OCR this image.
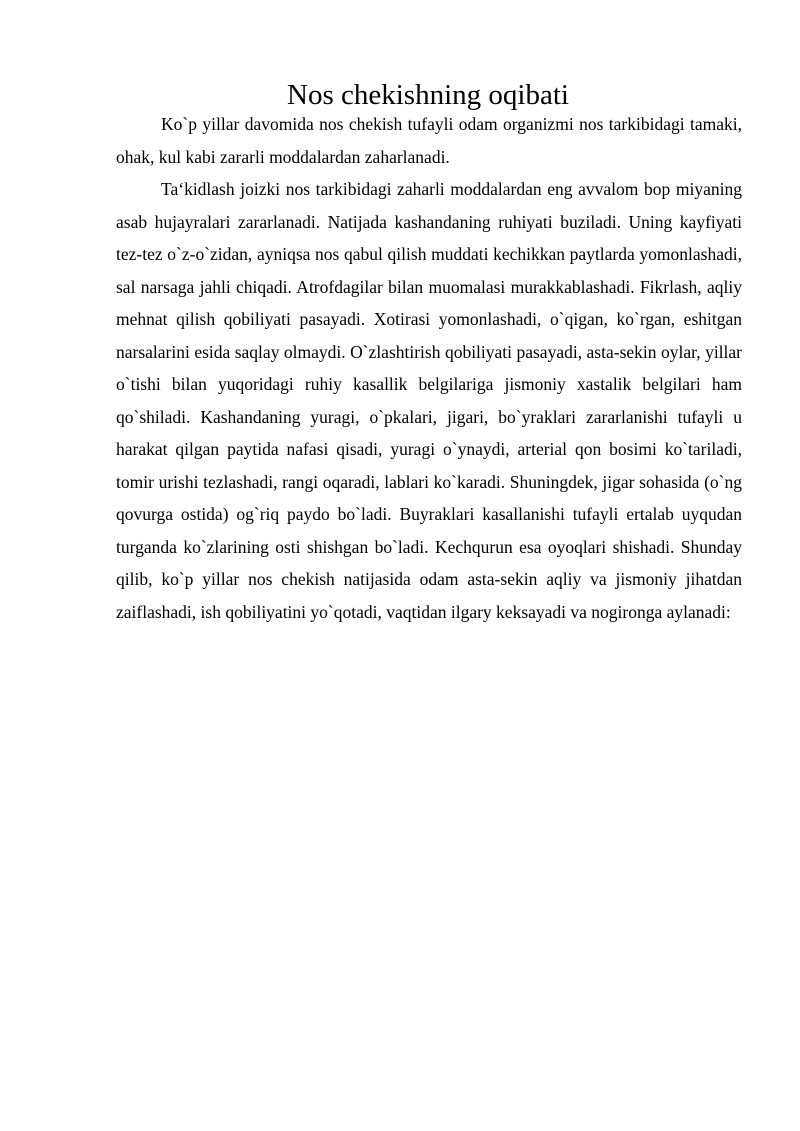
Nos chekishning oqibati

Ko`p yillar davomida nos chekish tufayli odam organizmi nos tarkibidagi tamaki, ohak, kul kabi zararli moddalardan zaharlanadi.

Ta‘kidlash joizki nos tarkibidagi zaharli moddalardan eng avvalom bop miyaning asab hujayralari zararlanadi. Natijada kashandaning ruhiyati buziladi. Uning kayfiyati tez-tez o`z-o`zidan, ayniqsa nos qabul qilish muddati kechikkan paytlarda yomonlashadi, sal narsaga jahli chiqadi. Atrofdagilar bilan muomalasi murakkablashadi. Fikrlash, aqliy mehnat qilish qobiliyati pasayadi. Xotirasi yomonlashadi, o`qigan, ko`rgan, eshitgan narsalarini esida saqlay olmaydi. O`zlashtirish qobiliyati pasayadi, asta-sekin oylar, yillar o`tishi bilan yuqoridagi ruhiy kasallik belgilariga jismoniy xastalik belgilari ham qo`shiladi. Kashandaning yuragi, o`pkalari, jigari, bo`yraklari zararlanishi tufayli u harakat qilgan paytida nafasi qisadi, yuragi o`ynaydi, arterial qon bosimi ko`tariladi, tomir urishi tezlashadi, rangi oqaradi, lablari ko`karadi. Shuningdek, jigar sohasida (o`ng qovurga ostida) og`riq paydo bo`ladi. Buyraklari kasallanishi tufayli ertalab uyqudan turganda ko`zlarining osti shishgan bo`ladi. Kechqurun esa oyoqlari shishadi. Shunday qilib, ko`p yillar nos chekish natijasida odam asta-sekin aqliy va jismoniy jihatdan zaiflashadi, ish qobiliyatini yo`qotadi, vaqtidan ilgary keksayadi va nogironga aylanadi:
